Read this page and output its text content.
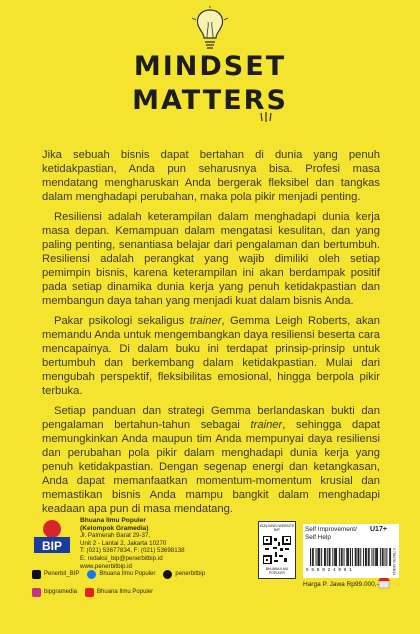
MINDSET
MATTERS

Jika sebuah bisnis dapat bertahan di dunia yang penuh ketidakpastian, Anda pun seharusnya bisa. Profesi masa mendatang mengharuskan Anda bergerak fleksibel dan tangkas dalam menghadapi perubahan, maka pola pikir menjadi penting.

Resiliensi adalah keterampilan dalam menghadapi dunia kerja masa depan. Kemampuan dalam mengatasi kesulitan, dan yang paling penting, senantiasa belajar dari pengalaman dan bertumbuh. Resiliensi adalah perangkat yang wajib dimiliki oleh setiap pemimpin bisnis, karena keterampilan ini akan berdampak positif pada setiap dinamika dunia kerja yang penuh ketidakpastian dan membangun daya tahan yang menjadi kuat dalam bisnis Anda.

Pakar psikologi sekaligus trainer, Gemma Leigh Roberts, akan memandu Anda untuk mengembangkan daya resiliensi beserta cara mencapainya. Di dalam buku ini terdapat prinsip-prinsip untuk bertumbuh dan berkembang dalam ketidakpastian. Mulai dari mengubah perspektif, fleksibilitas emosional, hingga berpola pikir terbuka.

Setiap panduan dan strategi Gemma berlandaskan bukti dan pengalaman bertahun-tahun sebagai trainer, sehingga dapat memungkinkan Anda maupun tim Anda mempunyai daya resiliensi dan perubahan pola pikir dalam menghadapi dunia kerja yang penuh ketidakpastian. Dengan segenap energi dan ketangkasan, Anda dapat memanfaatkan momentum-momentum krusial dan memastikan bisnis Anda mampu bangkit dalam menghadapi keadaan apa pun di masa mendatang.

BIP
Bhuana Ilmu Populer
(Kelompok Gramedia)
Jl. Palmerah Barat 29-37,
Unit 2 - Lantai 2, Jakarta 10270
T: (021) 53677834, F: (021) 53698138
E: redaksi_bip@penerbitbip.id
www.penerbitbip.id
Penerbit_BIP	Bhuana Ilmu Populer	penerbitbip
bipgramedia	Bhuana Ilmu Populer
KUNJUNGI WEBSITE BIP
BHUANA ILMU POPULER
Self Improvement/ Self Help
U17+
5 5 0 0 2 4 0 6 1	9 786230 410614
Harga P. Jawa Rp99.000,-
